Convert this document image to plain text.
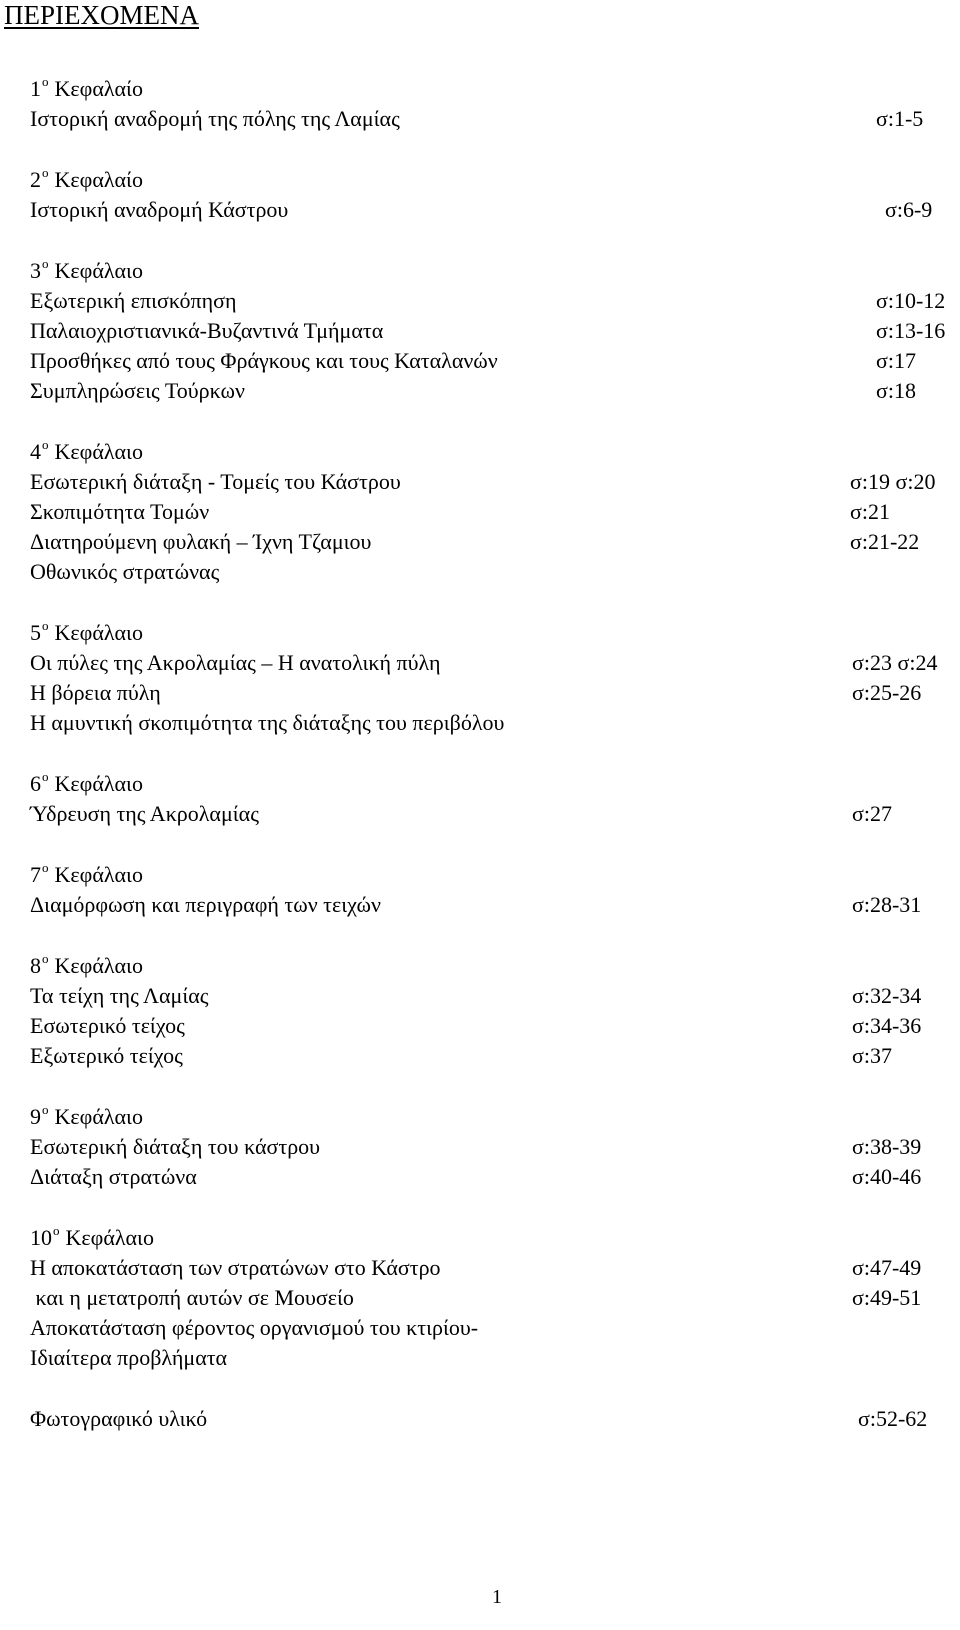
ΠΕΡΙΕΧΟΜΕΝΑ
$1^o$ Κεφαλαίο
Ιστορική αναδρομή της πόλης της Λαμίας	σ:1-5
$2^o$ Κεφαλαίο
Ιστορική αναδρομή Κάστρου	σ:6-9
$3^o$ Κεφάλαιο
Εξωτερική επισκόπηση	σ:10-12
Παλαιοχριστιανικά-Βυζαντινά Τμήματα	σ:13-16
Προσθήκες από τους Φράγκους και τους Καταλανών	σ:17
Συμπληρώσεις Τούρκων	σ:18
$4^o$ Κεφάλαιο
Εσωτερική διάταξη - Τομείς του Κάστρου	σ:19 σ:20
Σκοπιμότητα Τομών	σ:21
Διατηρούμενη φυλακή – Ίχνη Τζαμιου	σ:21-22
Οθωνικός στρατώνας
$5^o$ Κεφάλαιο
Οι πύλες της Ακρολαμίας – Η ανατολική πύλη	σ:23 σ:24
Η βόρεια πύλη	σ:25-26
Η αμυντική σκοπιμότητα της διάταξης του περιβόλου
$6^o$ Κεφάλαιο
Ύδρευση της Ακρολαμίας	σ:27
$7^o$ Κεφάλαιο
Διαμόρφωση και περιγραφή των τειχών	σ:28-31
$8^o$ Κεφάλαιο
Τα τείχη της Λαμίας	σ:32-34
Εσωτερικό τείχος	σ:34-36
Εξωτερικό τείχος	σ:37
$9^o$ Κεφάλαιο
Εσωτερική διάταξη του κάστρου	σ:38-39
Διάταξη στρατώνα	σ:40-46
$10^o$ Κεφάλαιο
Η αποκατάσταση των στρατώνων στο Κάστρο	σ:47-49
και η μετατροπή αυτών σε Μουσείο	σ:49-51
Αποκατάσταση φέροντος οργανισμού του κτιρίου-
Ιδιαίτερα προβλήματα
Φωτογραφικό υλικό	σ:52-62
1
